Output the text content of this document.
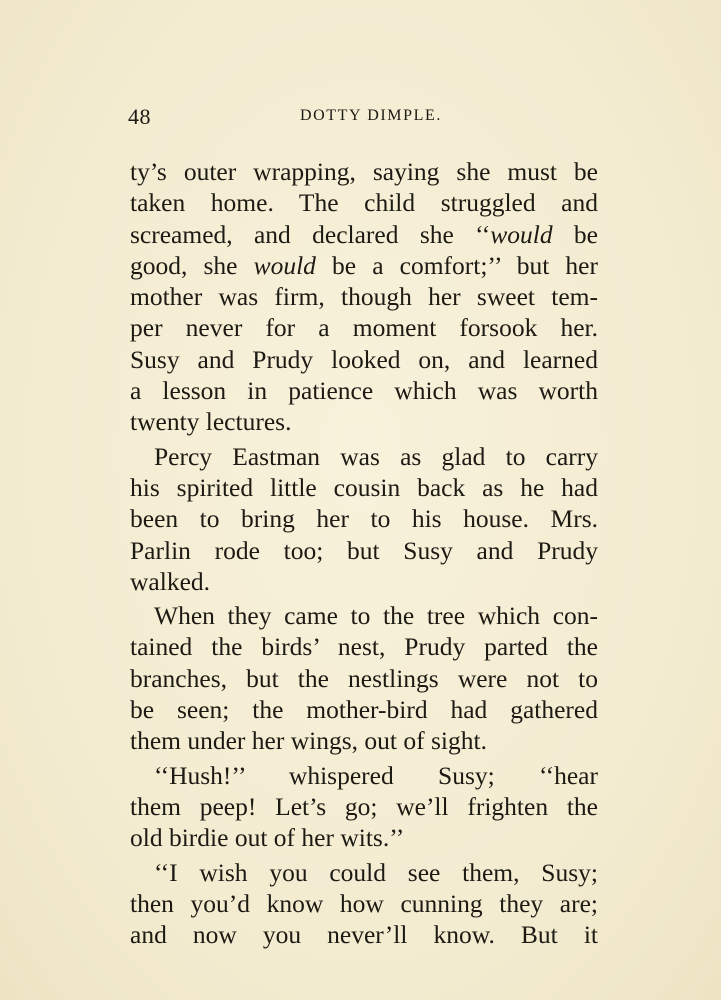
48	DOTTY DIMPLE.
ty’s outer wrapping, saying she must be
taken home. The child struggled and
screamed, and declared she ‘‘would be
good, she would be a comfort;’’ but her
mother was firm, though her sweet tem-
per never for a moment forsook her.
Susy and Prudy looked on, and learned
a lesson in patience which was worth
twenty lectures.
Percy Eastman was as glad to carry
his spirited little cousin back as he had
been to bring her to his house. Mrs.
Parlin rode too; but Susy and Prudy
walked.
When they came to the tree which con-
tained the birds’ nest, Prudy parted the
branches, but the nestlings were not to
be seen; the mother-bird had gathered
them under her wings, out of sight.
‘‘Hush!’’ whispered Susy; ‘‘hear
them peep! Let’s go; we’ll frighten the
old birdie out of her wits.’’
‘‘I wish you could see them, Susy;
then you’d know how cunning they are;
and now you never’ll know. But it
